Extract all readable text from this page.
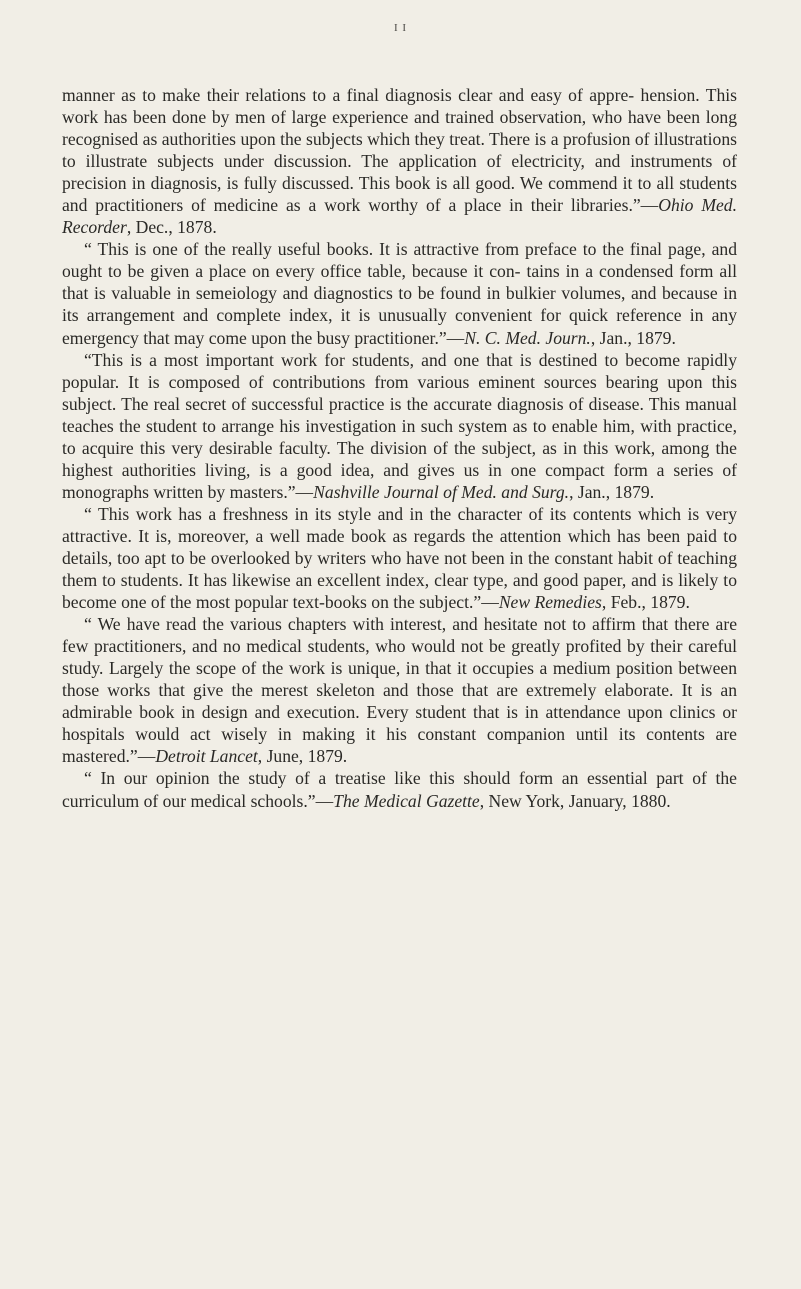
I I

manner as to make their relations to a final diagnosis clear and easy of appre- hension. This work has been done by men of large experience and trained observation, who have been long recognised as authorities upon the subjects which they treat. There is a profusion of illustrations to illustrate subjects under discussion. The application of electricity, and instruments of precision in diagnosis, is fully discussed. This book is all good. We commend it to all students and practitioners of medicine as a work worthy of a place in their libraries.”—Ohio Med. Recorder, Dec., 1878.

“ This is one of the really useful books. It is attractive from preface to the final page, and ought to be given a place on every office table, because it con- tains in a condensed form all that is valuable in semeiology and diagnostics to be found in bulkier volumes, and because in its arrangement and complete index, it is unusually convenient for quick reference in any emergency that may come upon the busy practitioner.”—N. C. Med. Journ., Jan., 1879.

“This is a most important work for students, and one that is destined to become rapidly popular. It is composed of contributions from various eminent sources bearing upon this subject. The real secret of successful practice is the accurate diagnosis of disease. This manual teaches the student to arrange his investigation in such system as to enable him, with practice, to acquire this very desirable faculty. The division of the subject, as in this work, among the highest authorities living, is a good idea, and gives us in one compact form a series of monographs written by masters.”—Nashville Journal of Med. and Surg., Jan., 1879.

“ This work has a freshness in its style and in the character of its contents which is very attractive. It is, moreover, a well made book as regards the attention which has been paid to details, too apt to be overlooked by writers who have not been in the constant habit of teaching them to students. It has likewise an excellent index, clear type, and good paper, and is likely to become one of the most popular text-books on the subject.”—New Remedies, Feb., 1879.

“ We have read the various chapters with interest, and hesitate not to affirm that there are few practitioners, and no medical students, who would not be greatly profited by their careful study. Largely the scope of the work is unique, in that it occupies a medium position between those works that give the merest skeleton and those that are extremely elaborate. It is an admirable book in design and execution. Every student that is in attendance upon clinics or hospitals would act wisely in making it his constant companion until its contents are mastered.”—Detroit Lancet, June, 1879.

“ In our opinion the study of a treatise like this should form an essential part of the curriculum of our medical schools.”—The Medical Gazette, New York, January, 1880.
